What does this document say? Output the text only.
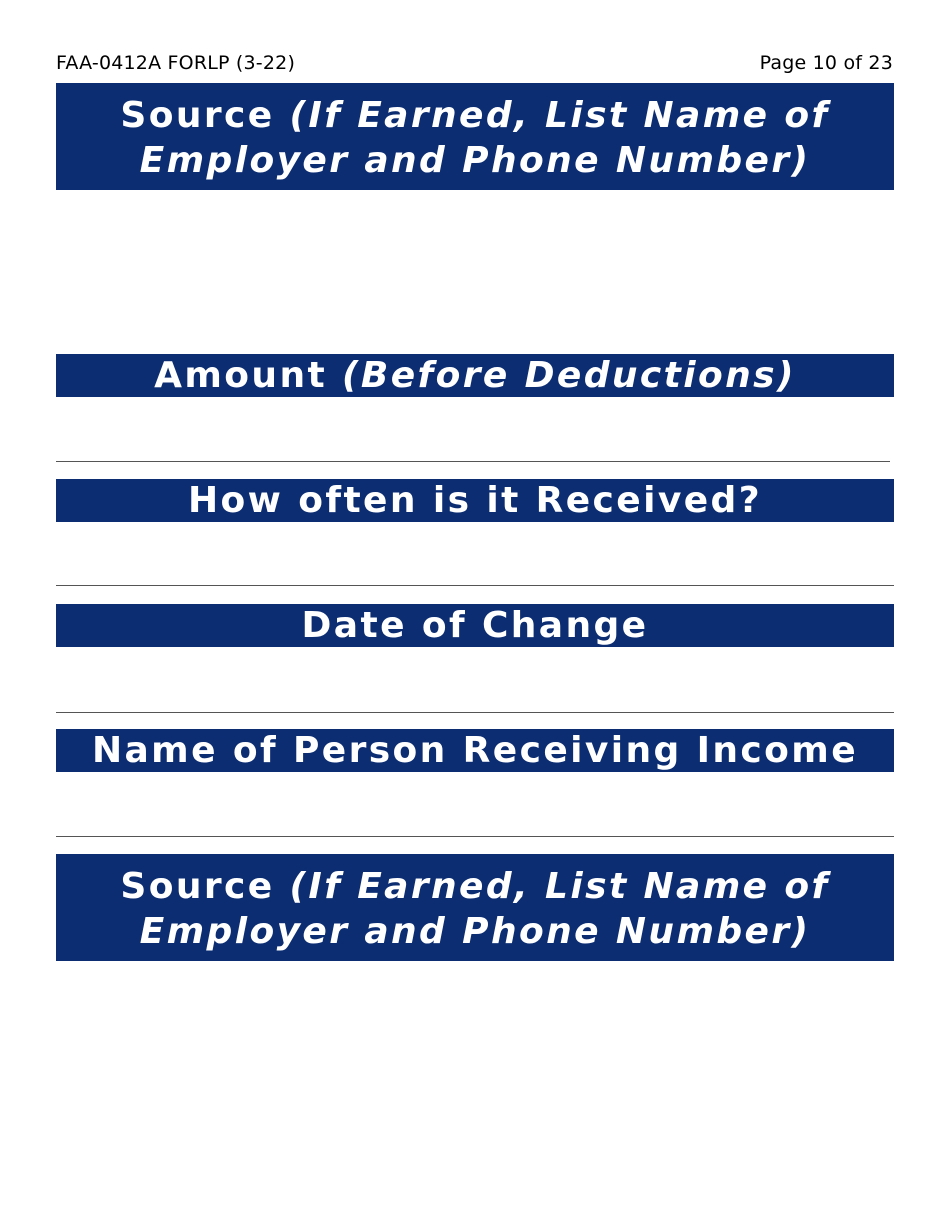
FAA-0412A FORLP (3-22)	Page 10 of 23
Source (If Earned, List Name of
Employer and Phone Number)
Amount (Before Deductions)
How often is it Received?
Date of Change
Name of Person Receiving Income
Source (If Earned, List Name of
Employer and Phone Number)
